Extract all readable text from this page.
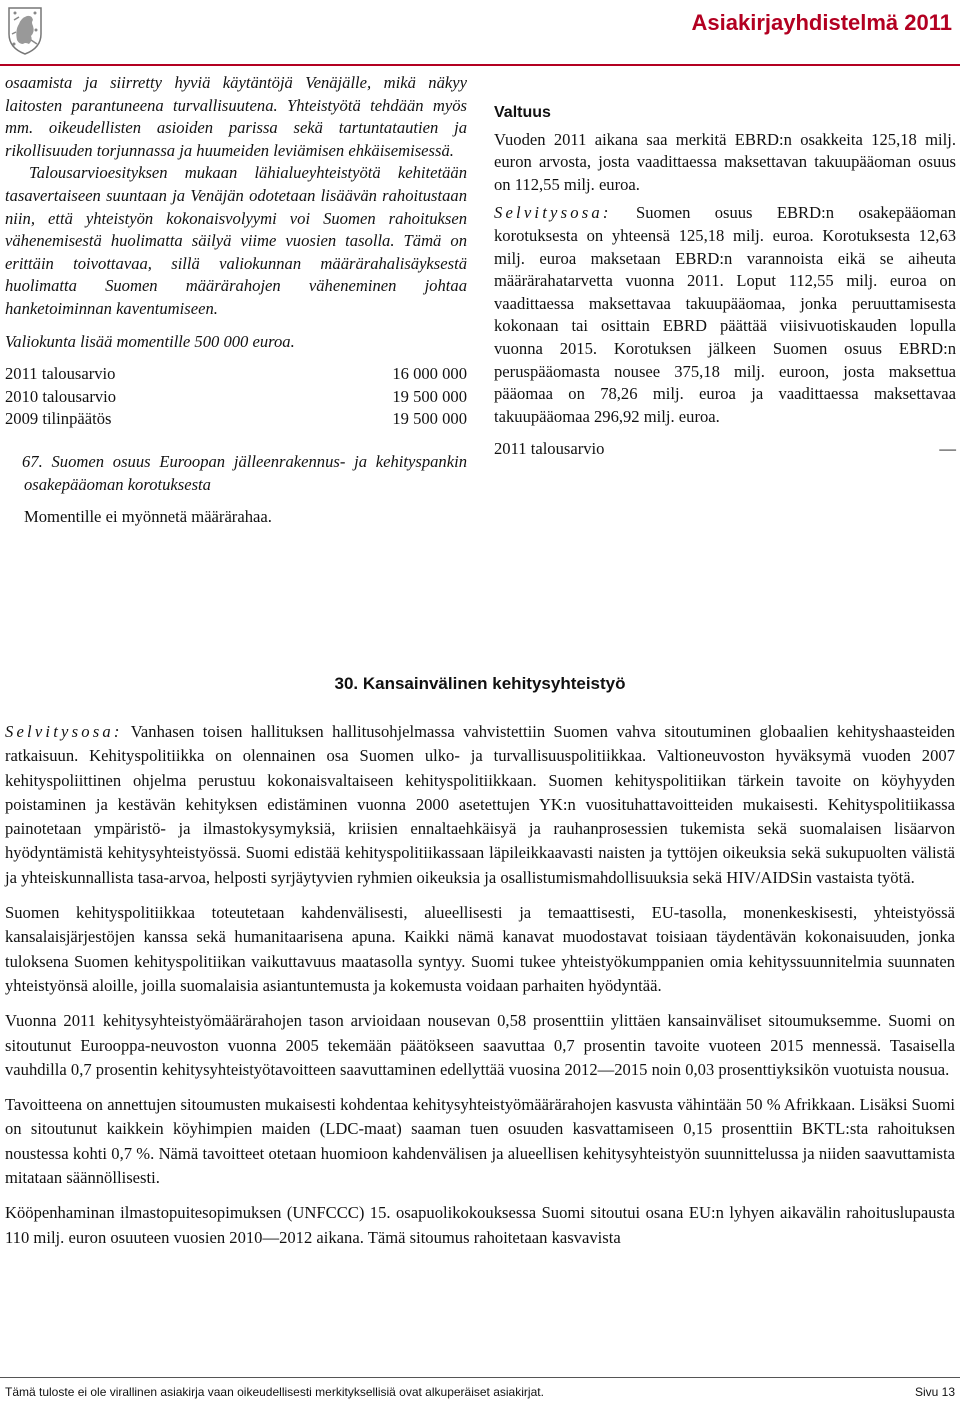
Asiakirjayhdistelmä 2011

osaamista ja siirretty hyviä käytäntöjä Venäjälle, mikä näkyy laitosten parantuneena turvallisuutena. Yhteistyötä tehdään myös mm. oikeudellisten asioiden parissa sekä tartuntatautien ja rikollisuuden torjunnassa ja huumeiden leviämisen ehkäisemisessä.

Talousarvioesityksen mukaan lähialueyhteistyötä kehitetään tasavertaiseen suuntaan ja Venäjän odotetaan lisäävän rahoitustaan niin, että yhteistyön kokonaisvolyymi voi Suomen rahoituksen vähenemisestä huolimatta säilyä viime vuosien tasolla. Tämä on erittäin toivottavaa, sillä valiokunnan määrärahalisäyksestä huolimatta Suomen määrärahojen väheneminen johtaa hanketoiminnan kaventumiseen.

Valiokunta lisää momentille 500 000 euroa.

2011 talousarvio	16 000 000
2010 talousarvio	19 500 000
2009 tilinpäätös	19 500 000

67. Suomen osuus Euroopan jälleenrakennus- ja kehityspankin osakepääoman korotuksesta

Momentille ei myönnetä määrärahaa.

Valtuus

Vuoden 2011 aikana saa merkitä EBRD:n osakkeita 125,18 milj. euron arvosta, josta vaadittaessa maksettavan takuupääoman osuus on 112,55 milj. euroa.

Selvitysosa: Suomen osuus EBRD:n osakepääoman korotuksesta on yhteensä 125,18 milj. euroa. Korotuksesta 12,63 milj. euroa maksetaan EBRD:n varannoista eikä se aiheuta määrärahatarvetta vuonna 2011. Loput 112,55 milj. euroa on vaadittaessa maksettavaa takuupääomaa, jonka peruuttamisesta kokonaan tai osittain EBRD päättää viisivuotiskauden lopulla vuonna 2015. Korotuksen jälkeen Suomen osuus EBRD:n peruspääomasta nousee 375,18 milj. euroon, josta maksettua pääomaa on 78,26 milj. euroa ja vaadittaessa maksettavaa takuupääomaa 296,92 milj. euroa.

2011 talousarvio	—
30. Kansainvälinen kehitysyhteistyö

Selvitysosa: Vanhasen toisen hallituksen hallitusohjelmassa vahvistettiin Suomen vahva sitoutuminen globaalien kehityshaasteiden ratkaisuun. Kehityspolitiikka on olennainen osa Suomen ulko- ja turvallisuuspolitiikkaa. Valtioneuvoston hyväksymä vuoden 2007 kehityspoliittinen ohjelma perustuu kokonaisvaltaiseen kehityspolitiikkaan. Suomen kehityspolitiikan tärkein tavoite on köyhyyden poistaminen ja kestävän kehityksen edistäminen vuonna 2000 asetettujen YK:n vuosituhattavoitteiden mukaisesti. Kehityspolitiikassa painotetaan ympäristö- ja ilmastokysymyksiä, kriisien ennaltaehkäisyä ja rauhanprosessien tukemista sekä suomalaisen lisäarvon hyödyntämistä kehitysyhteistyössä. Suomi edistää kehityspolitiikassaan läpileikkaavasti naisten ja tyttöjen oikeuksia sekä sukupuolten välistä ja yhteiskunnallista tasa-arvoa, helposti syrjäytyvien ryhmien oikeuksia ja osallistumismahdollisuuksia sekä HIV/AIDSin vastaista työtä.

Suomen kehityspolitiikkaa toteutetaan kahdenvälisesti, alueellisesti ja temaattisesti, EU-tasolla, monenkeskisesti, yhteistyössä kansalaisjärjestöjen kanssa sekä humanitaarisena apuna. Kaikki nämä kanavat muodostavat toisiaan täydentävän kokonaisuuden, jonka tuloksena Suomen kehityspolitiikan vaikuttavuus maatasolla syntyy. Suomi tukee yhteistyökumppanien omia kehityssuunnitelmia suunnaten yhteistyönsä aloille, joilla suomalaisia asiantuntemusta ja kokemusta voidaan parhaiten hyödyntää.

Vuonna 2011 kehitysyhteistyömäärärahojen tason arvioidaan nousevan 0,58 prosenttiin ylittäen kansainväliset sitoumuksemme. Suomi on sitoutunut Eurooppa-neuvoston vuonna 2005 tekemään päätökseen saavuttaa 0,7 prosentin tavoite vuoteen 2015 mennessä. Tasaisella vauhdilla 0,7 prosentin kehitysyhteistyötavoitteen saavuttaminen edellyttää vuosina 2012—2015 noin 0,03 prosenttiyksikön vuotuista nousua.

Tavoitteena on annettujen sitoumusten mukaisesti kohdentaa kehitysyhteistyömäärärahojen kasvusta vähintään 50 % Afrikkaan. Lisäksi Suomi on sitoutunut kaikkein köyhimpien maiden (LDC-maat) saaman tuen osuuden kasvattamiseen 0,15 prosenttiin BKTL:sta rahoituksen noustessa kohti 0,7 %. Nämä tavoitteet otetaan huomioon kahdenvälisen ja alueellisen kehitysyhteistyön suunnittelussa ja niiden saavuttamista mitataan säännöllisesti.

Kööpenhaminan ilmastopuitesopimuksen (UNFCCC) 15. osapuolikokouksessa Suomi sitoutui osana EU:n lyhyen aikavälin rahoituslupausta 110 milj. euron osuuteen vuosien 2010—2012 aikana. Tämä sitoumus rahoitetaan kasvavista

Tämä tuloste ei ole virallinen asiakirja vaan oikeudellisesti merkityksellisiä ovat alkuperäiset asiakirjat.	Sivu 13
